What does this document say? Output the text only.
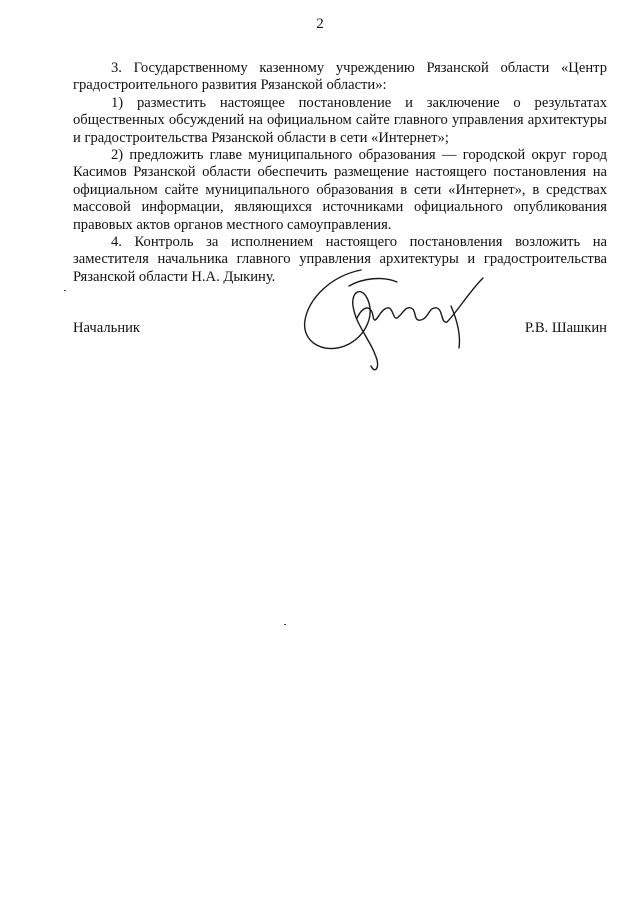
2

3. Государственному казенному учреждению Рязанской области «Центр градостроительного развития Рязанской области»:

1) разместить настоящее постановление и заключение о результатах общественных обсуждений на официальном сайте главного управления архитектуры и градостроительства Рязанской области в сети «Интернет»;

2) предложить главе муниципального образования — городской округ город Касимов Рязанской области обеспечить размещение настоящего постановления на официальном сайте муниципального образования в сети «Интернет», в средствах массовой информации, являющихся источниками официального опубликования правовых актов органов местного самоуправления.

4. Контроль за исполнением настоящего постановления возложить на заместителя начальника главного управления архитектуры и градостроительства Рязанской области Н.А. Дыкину.

Начальник	Р.В. Шашкин
